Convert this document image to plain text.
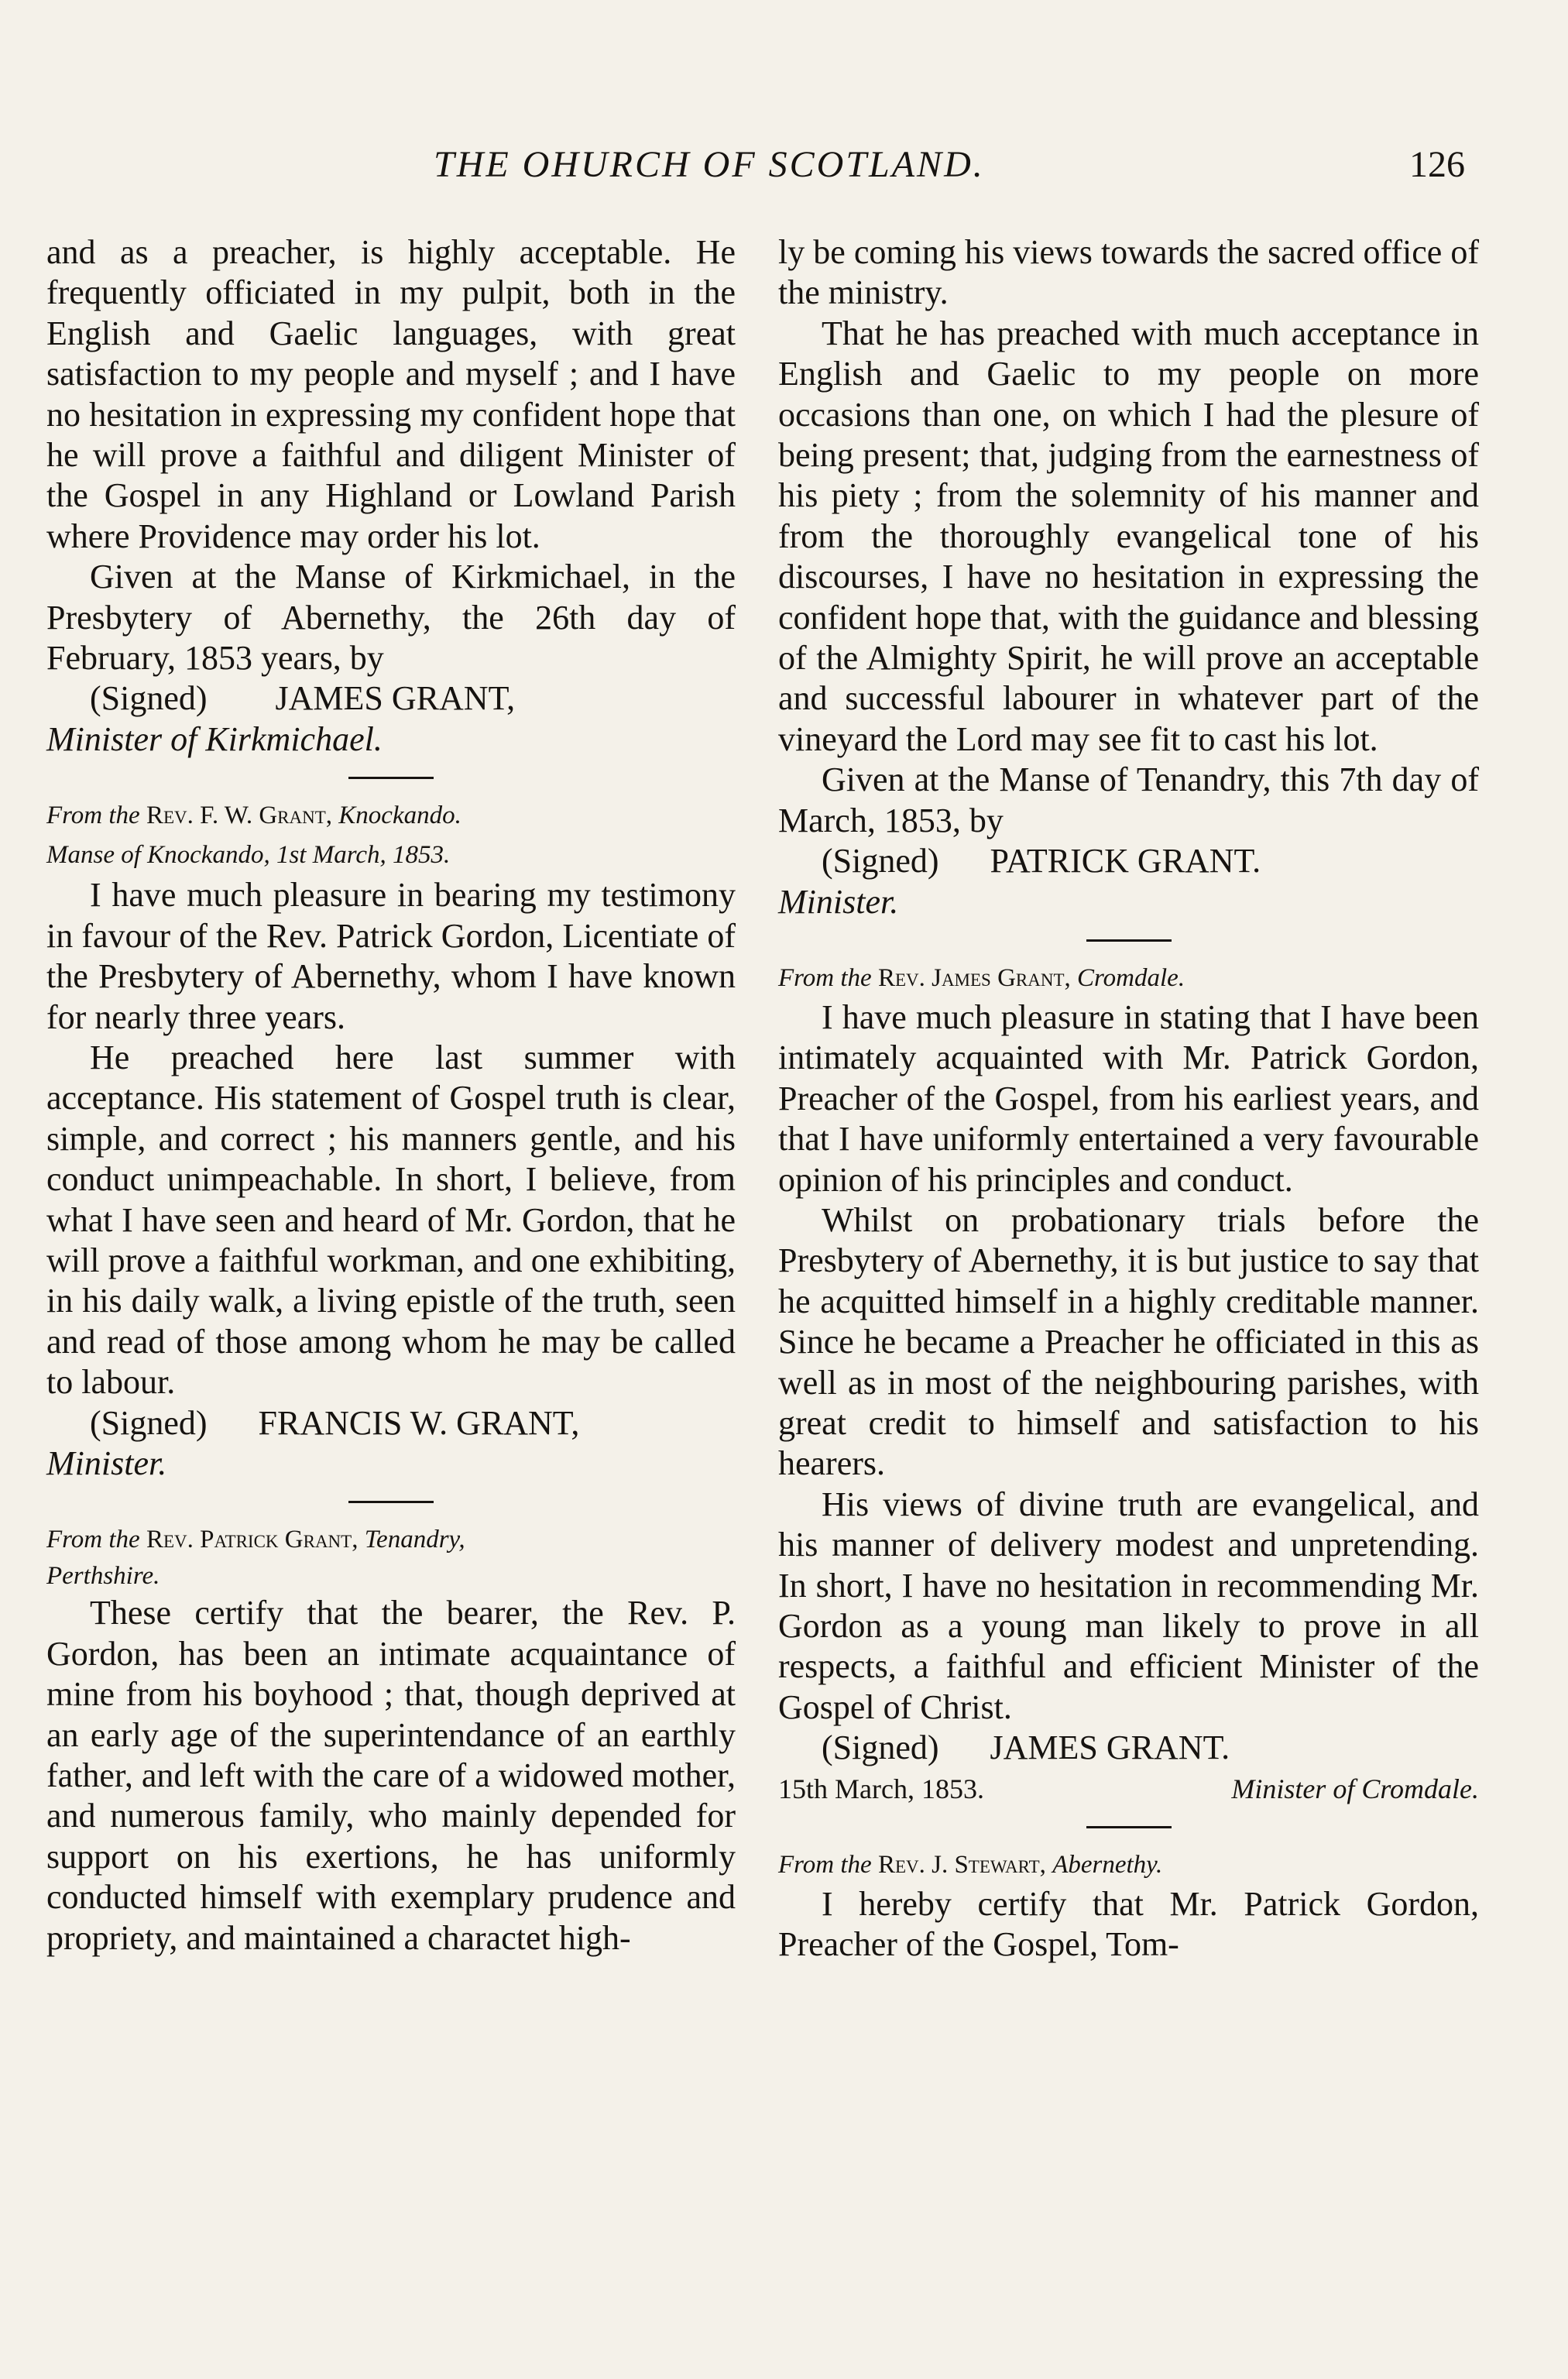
THE OHURCH OF SCOTLAND.	126

and as a preacher, is highly acceptable. He frequently officiated in my pulpit, both in the English and Gaelic languages, with great satisfaction to my people and myself ; and I have no hesitation in expressing my confident hope that he will prove a faithful and diligent Minister of the Gospel in any Highland or Lowland Parish where Providence may order his lot.

Given at the Manse of Kirkmichael, in the Presbytery of Abernethy, the 26th day of February, 1853 years, by

(Signed)        JAMES GRANT,

Minister of Kirkmichael.

From the Rev. F. W. Grant, Knockando.

Manse of Knockando, 1st March, 1853.

I have much pleasure in bearing my testimony in favour of the Rev. Patrick Gordon, Licentiate of the Presbytery of Abernethy, whom I have known for nearly three years.

He preached here last summer with acceptance. His statement of Gospel truth is clear, simple, and correct ; his manners gentle, and his conduct unimpeachable. In short, I believe, from what I have seen and heard of Mr. Gordon, that he will prove a faithful workman, and one exhibiting, in his daily walk, a living epistle of the truth, seen and read of those among whom he may be called to labour.

(Signed)      FRANCIS W. GRANT,

Minister.

From the Rev. Patrick Grant, Tenandry,

Perthshire.

These certify that the bearer, the Rev. P. Gordon, has been an intimate acquaintance of mine from his boyhood ; that, though deprived at an early age of the superintendance of an earthly father, and left with the care of a widowed mother, and numerous family, who mainly depended for support on his exertions, he has uniformly conducted himself with exemplary prudence and propriety, and maintained a charactet high-

ly be coming his views towards the sacred office of the ministry.

That he has preached with much acceptance in English and Gaelic to my people on more occasions than one, on which I had the plesure of being present; that, judging from the earnestness of his piety ; from the solemnity of his manner and from the thoroughly evangelical tone of his discourses, I have no hesitation in expressing the confident hope that, with the guidance and blessing of the Almighty Spirit, he will prove an acceptable and successful labourer in whatever part of the vineyard the Lord may see fit to cast his lot.

Given at the Manse of Tenandry, this 7th day of March, 1853, by

(Signed)      PATRICK GRANT.

Minister.

From the Rev. James Grant, Cromdale.

I have much pleasure in stating that I have been intimately acquainted with Mr. Patrick Gordon, Preacher of the Gospel, from his earliest years, and that I have uniformly entertained a very favourable opinion of his principles and conduct.

Whilst on probationary trials before the Presbytery of Abernethy, it is but justice to say that he acquitted himself in a highly creditable manner. Since he became a Preacher he officiated in this as well as in most of the neighbouring parishes, with great credit to himself and satisfaction to his hearers.

His views of divine truth are evangelical, and his manner of delivery modest and unpretending. In short, I have no hesitation in recommending Mr. Gordon as a young man likely to prove in all respects, a faithful and efficient Minister of the Gospel of Christ.

(Signed)      JAMES GRANT.

15th March, 1853.	Minister of Cromdale.

From the Rev. J. Stewart, Abernethy.

I hereby certify that Mr. Patrick Gordon, Preacher of the Gospel, Tom-
